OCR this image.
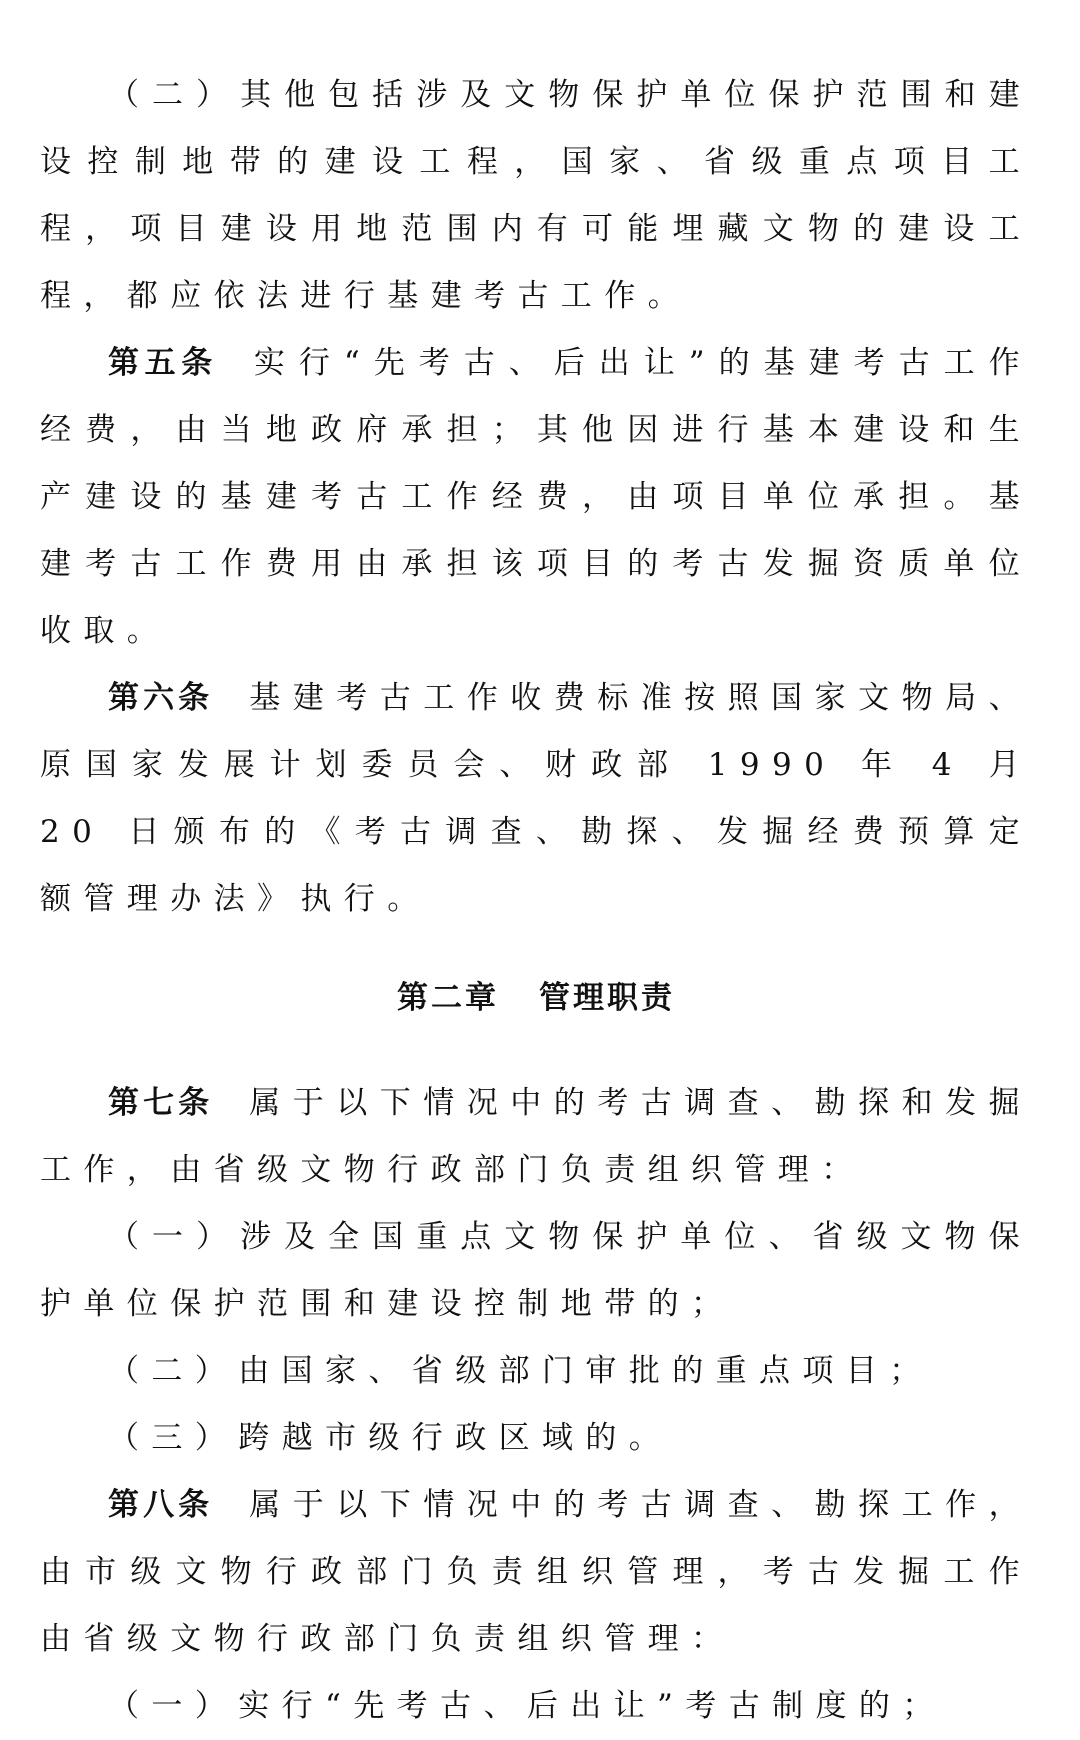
（二）其他包括涉及文物保护单位保护范围和建设控制地带的建设工程，国家、省级重点项目工程，项目建设用地范围内有可能埋藏文物的建设工程，都应依法进行基建考古工作。

第五条 实行“先考古、后出让”的基建考古工作经费，由当地政府承担；其他因进行基本建设和生产建设的基建考古工作经费，由项目单位承担。基建考古工作费用由承担该项目的考古发掘资质单位收取。

第六条 基建考古工作收费标准按照国家文物局、原国家发展计划委员会、财政部 1990 年 4 月 20 日颁布的《考古调查、勘探、发掘经费预算定额管理办法》执行。

第二章 管理职责

第七条 属于以下情况中的考古调查、勘探和发掘工作，由省级文物行政部门负责组织管理：

（一）涉及全国重点文物保护单位、省级文物保护单位保护范围和建设控制地带的；

（二）由国家、省级部门审批的重点项目；

（三）跨越市级行政区域的。

第八条 属于以下情况中的考古调查、勘探工作，由市级文物行政部门负责组织管理，考古发掘工作由省级文物行政部门负责组织管理：

（一）实行“先考古、后出让”考古制度的；
